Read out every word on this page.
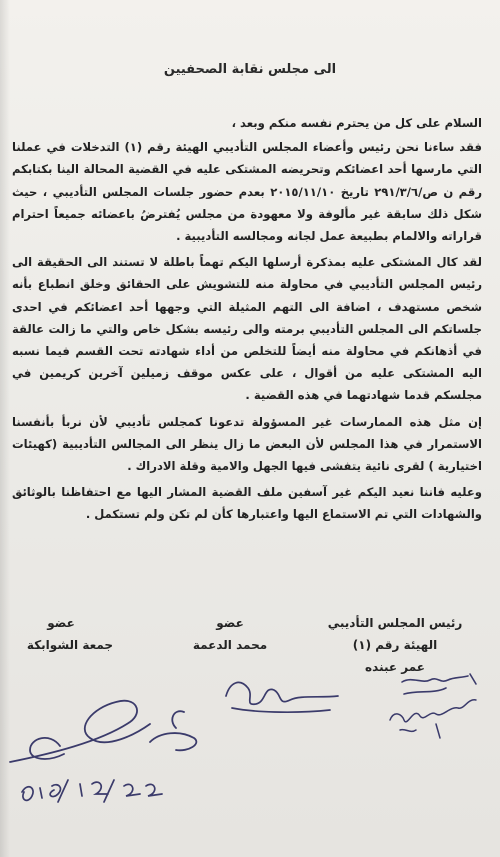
الى مجلس نقابة الصحفيين

السلام على كل من يحترم نفسه منكم وبعد ،

فقد ساءنا نحن رئيس وأعضاء المجلس التأديبي الهيئة رقم (١) التدخلات في عملنا التي مارسها أحد اعضائكم وتحريضه المشتكى عليه في القضية المحالة الينا بكتابكم رقم ن ص/٢٩١/٣/٦ تاريخ ٢٠١٥/١١/١٠ بعدم حضور جلسات المجلس التأديبي ، حيث شكل ذلك سابقة غير مألوفة ولا معهودة من مجلس يُفترضُ باعضائه جميعاً احترام قراراته والالمام بطبيعة عمل لجانه ومجالسه التأديبية .

لقد كال المشتكى عليه بمذكرة أرسلها اليكم تهماً باطلة لا تستند الى الحقيقة الى رئيس المجلس التأديبي في محاولة منه للتشويش على الحقائق وخلق انطباع بأنه شخص مستهدف ، اضافة الى التهم المثيلة التي وجهها أحد اعضائكم في احدى جلساتكم الى المجلس التأديبي برمته والى رئيسه بشكل خاص والتي ما زالت عالقة في أذهانكم في محاولة منه أيضاً للتخلص من أداء شهادته تحت القسم فيما نسبه اليه المشتكى عليه من أقوال ، على عكس موقف زميلين آخرين كريمين في مجلسكم قدما شهادتهما في هذه القضية .

إن مثل هذه الممارسات غير المسؤولة تدعونا كمجلس تأديبي لأن نربأ بأنفسنا الاستمرار في هذا المجلس لأن البعض ما زال ينظر الى المجالس التأديبية (كهيئات اختيارية ) لقرى نائية يتفشى فيها الجهل والامية وقلة الادراك .

وعليه فاننا نعيد اليكم غير آسفين ملف القضية المشار اليها مع احتفاظنا بالوثائق والشهادات التي تم الاستماع اليها واعتبارها كأن لم تكن ولم تستكمل .

رئيس المجلس التأديبي
الهيئة رقم (١)
عمر عبنده
عضو
محمد الدعمة
عضو
جمعة الشوابكة
